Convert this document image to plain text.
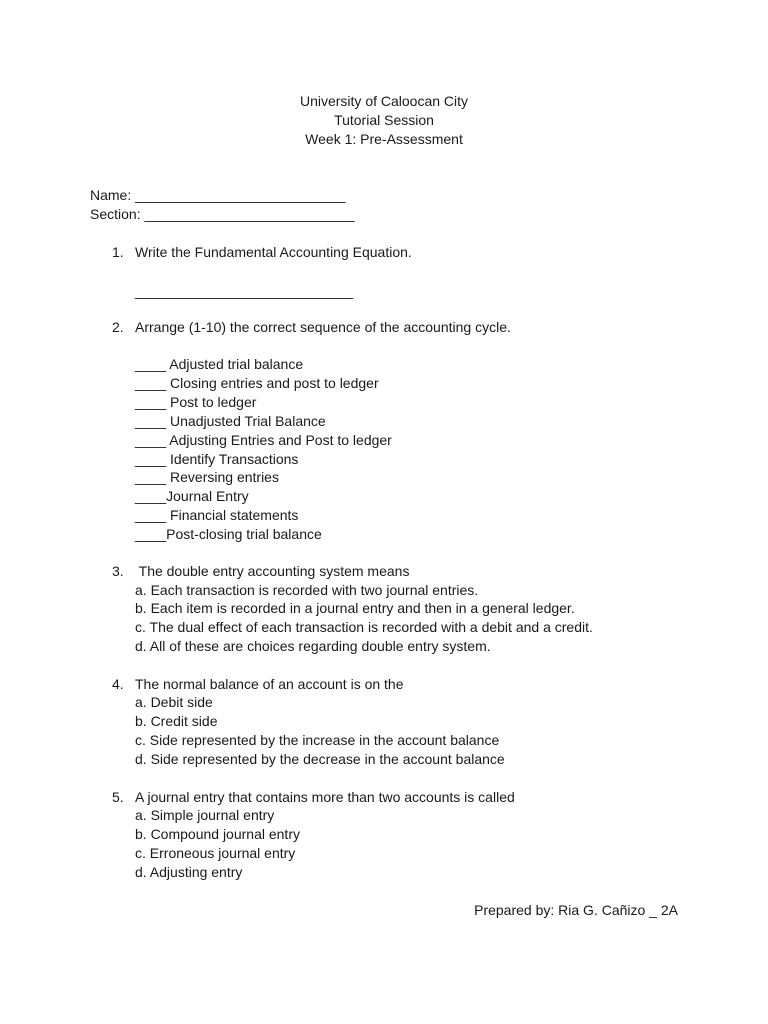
University of Caloocan City
Tutorial Session
Week 1: Pre-Assessment
Name: ___________________________
Section: ___________________________
1. Write the Fundamental Accounting Equation.
____________________________
2. Arrange (1-10) the correct sequence of the accounting cycle.
____ Adjusted trial balance
____ Closing entries and post to ledger
____ Post to ledger
____ Unadjusted Trial Balance
____ Adjusting Entries and Post to ledger
____ Identify Transactions
____ Reversing entries
____Journal Entry
____ Financial statements
____Post-closing trial balance
3. The double entry accounting system means
a. Each transaction is recorded with two journal entries.
b. Each item is recorded in a journal entry and then in a general ledger.
c. The dual effect of each transaction is recorded with a debit and a credit.
d. All of these are choices regarding double entry system.
4. The normal balance of an account is on the
a. Debit side
b. Credit side
c. Side represented by the increase in the account balance
d. Side represented by the decrease in the account balance
5. A journal entry that contains more than two accounts is called
a. Simple journal entry
b. Compound journal entry
c. Erroneous journal entry
d. Adjusting entry
Prepared by: Ria G. Cañizo _ 2A
